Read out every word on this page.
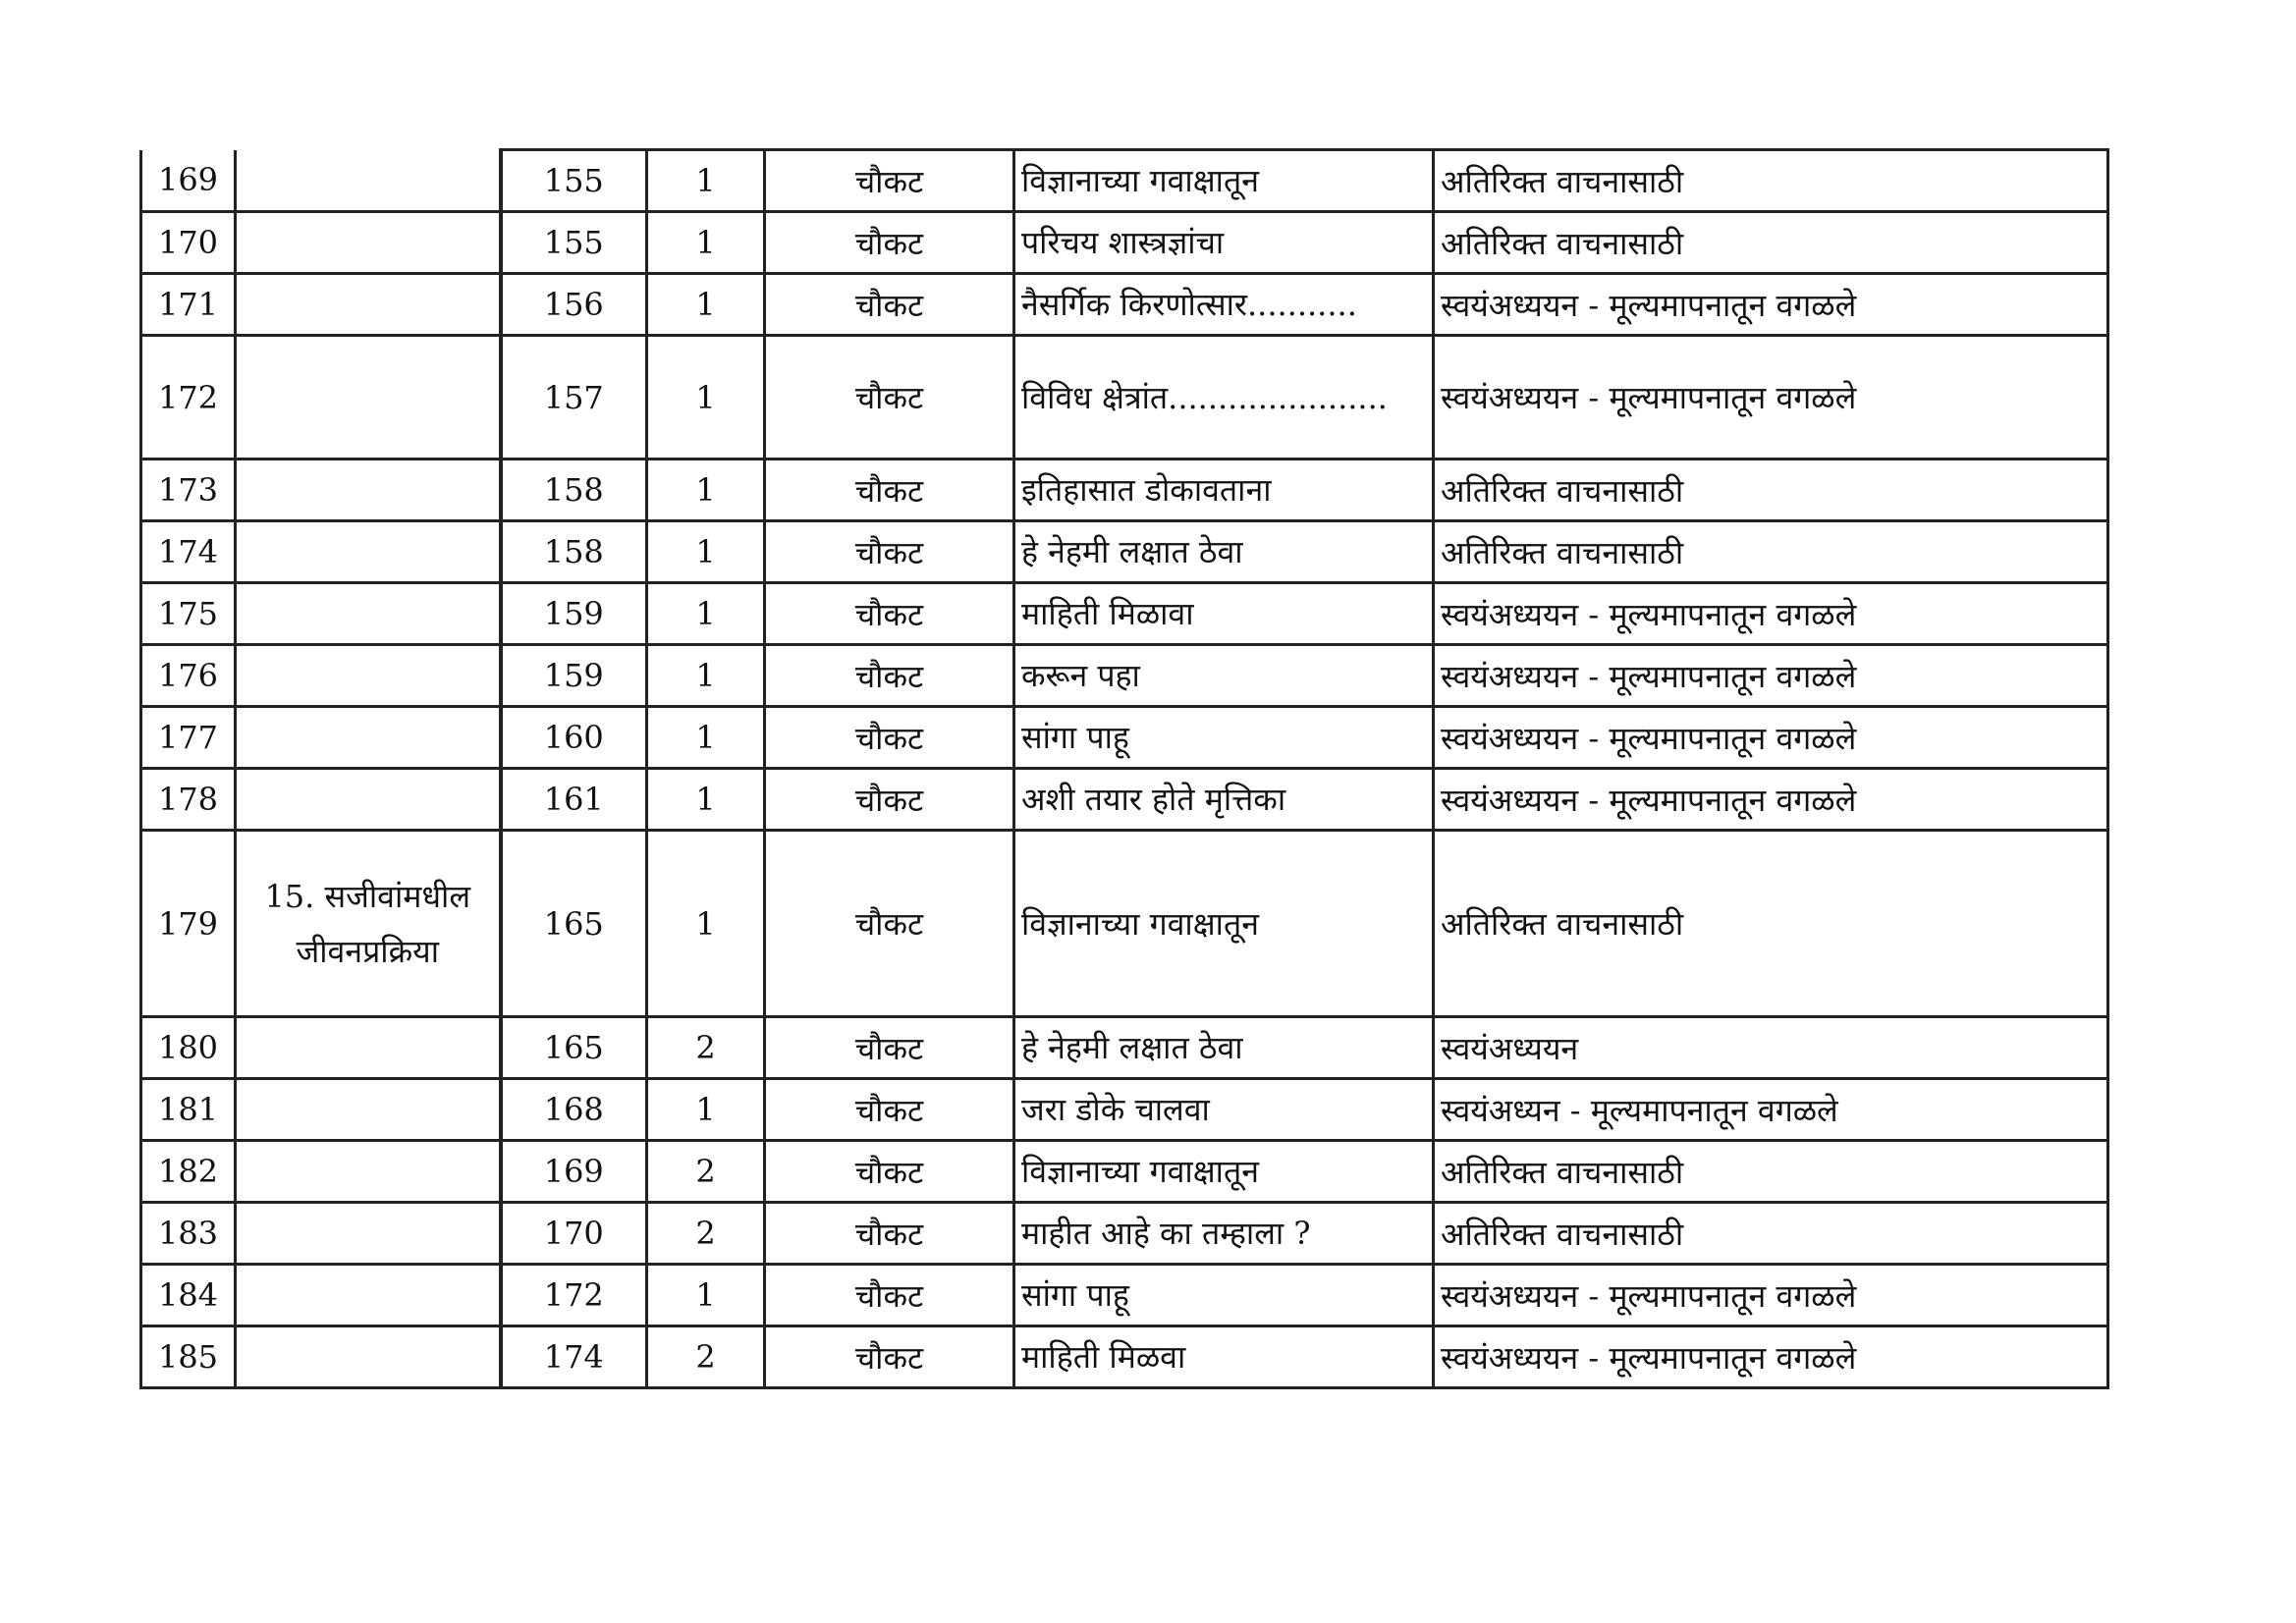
169		155	1	चौकट	विज्ञानाच्या गवाक्षातून	अतिरिक्त वाचनासाठी
170		155	1	चौकट	परिचय शास्त्रज्ञांचा	अतिरिक्त वाचनासाठी
171		156	1	चौकट	नैसर्गिक किरणोत्सार...........	स्वयंअध्ययन - मूल्यमापनातून वगळले
172		157	1	चौकट	विविध क्षेत्रांत......................	स्वयंअध्ययन - मूल्यमापनातून वगळले
173		158	1	चौकट	इतिहासात डोकावताना	अतिरिक्त वाचनासाठी
174		158	1	चौकट	हे नेहमी लक्षात ठेवा	अतिरिक्त वाचनासाठी
175		159	1	चौकट	माहिती मिळावा	स्वयंअध्ययन - मूल्यमापनातून वगळले
176		159	1	चौकट	करून पहा	स्वयंअध्ययन - मूल्यमापनातून वगळले
177		160	1	चौकट	सांगा पाहू	स्वयंअध्ययन - मूल्यमापनातून वगळले
178		161	1	चौकट	अशी तयार होते मृत्तिका	स्वयंअध्ययन - मूल्यमापनातून वगळले
179	15. सजीवांमधील जीवनप्रक्रिया	165	1	चौकट	विज्ञानाच्या गवाक्षातून	अतिरिक्त वाचनासाठी
180		165	2	चौकट	हे नेहमी लक्षात ठेवा	स्वयंअध्ययन
181		168	1	चौकट	जरा डोके चालवा	स्वयंअध्यन - मूल्यमापनातून वगळले
182		169	2	चौकट	विज्ञानाच्या गवाक्षातून	अतिरिक्त वाचनासाठी
183		170	2	चौकट	माहीत आहे का तम्हाला ?	अतिरिक्त वाचनासाठी
184		172	1	चौकट	सांगा पाहू	स्वयंअध्ययन - मूल्यमापनातून वगळले
185		174	2	चौकट	माहिती मिळवा	स्वयंअध्ययन - मूल्यमापनातून वगळले
